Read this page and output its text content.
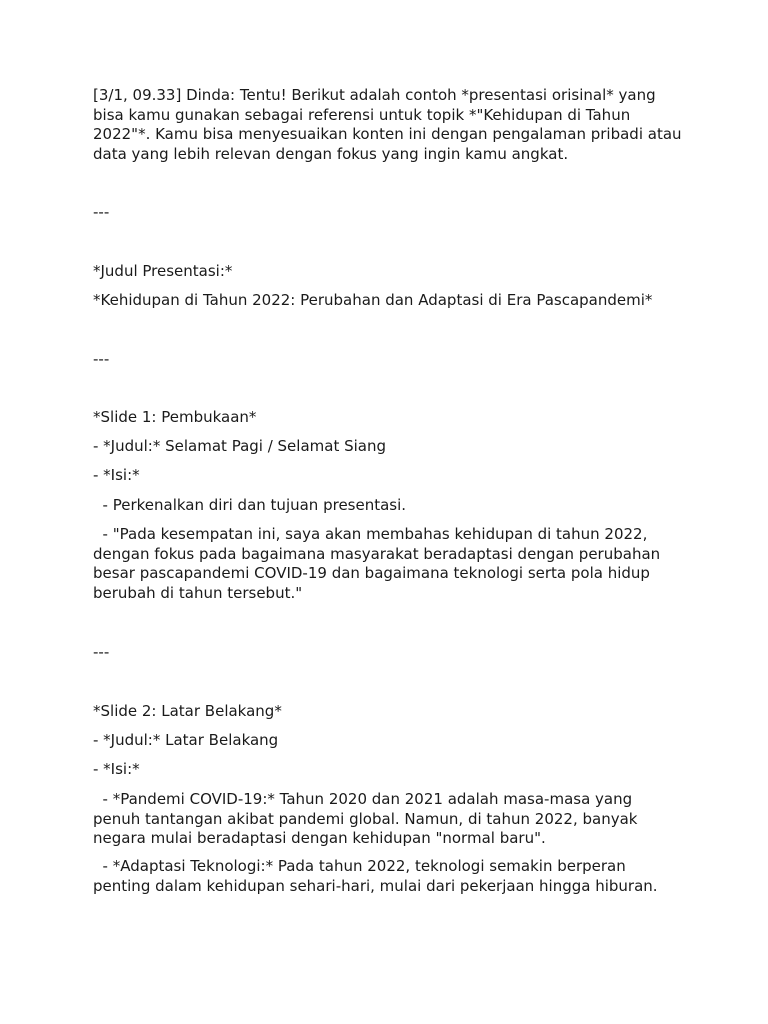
[3/1, 09.33] Dinda: Tentu! Berikut adalah contoh *presentasi orisinal* yang bisa kamu gunakan sebagai referensi untuk topik *"Kehidupan di Tahun 2022"*. Kamu bisa menyesuaikan konten ini dengan pengalaman pribadi atau data yang lebih relevan dengan fokus yang ingin kamu angkat.

---

*Judul Presentasi:*

*Kehidupan di Tahun 2022: Perubahan dan Adaptasi di Era Pascapandemi*

---

*Slide 1: Pembukaan*

- *Judul:* Selamat Pagi / Selamat Siang

- *Isi:*

- Perkenalkan diri dan tujuan presentasi.

- "Pada kesempatan ini, saya akan membahas kehidupan di tahun 2022, dengan fokus pada bagaimana masyarakat beradaptasi dengan perubahan besar pascapandemi COVID-19 dan bagaimana teknologi serta pola hidup berubah di tahun tersebut."

---

*Slide 2: Latar Belakang*

- *Judul:* Latar Belakang

- *Isi:*

- *Pandemi COVID-19:* Tahun 2020 dan 2021 adalah masa-masa yang penuh tantangan akibat pandemi global. Namun, di tahun 2022, banyak negara mulai beradaptasi dengan kehidupan "normal baru".

- *Adaptasi Teknologi:* Pada tahun 2022, teknologi semakin berperan penting dalam kehidupan sehari-hari, mulai dari pekerjaan hingga hiburan.
